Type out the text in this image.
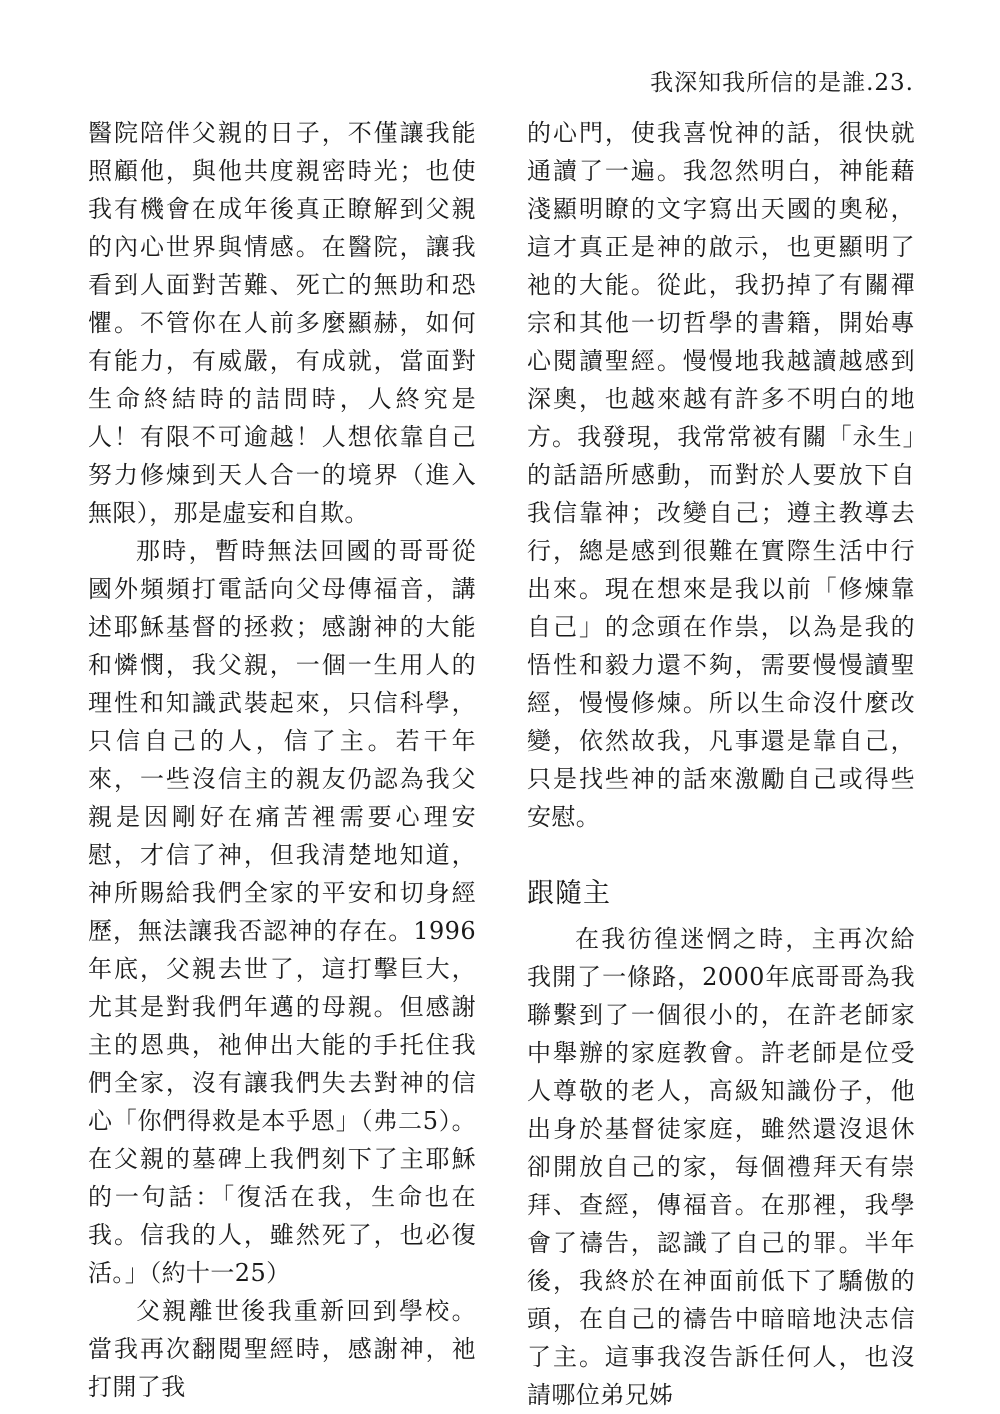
我深知我所信的是誰.23.

醫院陪伴父親的日子，不僅讓我能照顧他，與他共度親密時光；也使我有機會在成年後真正瞭解到父親的內心世界與情感。在醫院，讓我看到人面對苦難、死亡的無助和恐懼。不管你在人前多麼顯赫，如何有能力，有威嚴，有成就，當面對生命終結時的詰問時，人終究是人！有限不可逾越！人想依靠自己努力修煉到天人合一的境界（進入無限），那是虛妄和自欺。

那時，暫時無法回國的哥哥從國外頻頻打電話向父母傳福音，講述耶穌基督的拯救；感謝神的大能和憐憫，我父親，一個一生用人的理性和知識武裝起來，只信科學，只信自己的人，信了主。若干年來，一些沒信主的親友仍認為我父親是因剛好在痛苦裡需要心理安慰，才信了神，但我清楚地知道，神所賜給我們全家的平安和切身經歷，無法讓我否認神的存在。1996年底，父親去世了，這打擊巨大，尤其是對我們年邁的母親。但感謝主的恩典，祂伸出大能的手托住我們全家，沒有讓我們失去對神的信心「你們得救是本乎恩」（弗二5）。在父親的墓碑上我們刻下了主耶穌的一句話：「復活在我，生命也在我。信我的人，雖然死了，也必復活。」（約十一25）

父親離世後我重新回到學校。當我再次翻閱聖經時，感謝神，祂打開了我

的心門，使我喜悅神的話，很快就通讀了一遍。我忽然明白，神能藉淺顯明瞭的文字寫出天國的奧秘，這才真正是神的啟示，也更顯明了祂的大能。從此，我扔掉了有關禪宗和其他一切哲學的書籍，開始專心閱讀聖經。慢慢地我越讀越感到深奧，也越來越有許多不明白的地方。我發現，我常常被有關「永生」的話語所感動，而對於人要放下自我信靠神；改變自己；遵主教導去行，總是感到很難在實際生活中行出來。現在想來是我以前「修煉靠自己」的念頭在作祟，以為是我的悟性和毅力還不夠，需要慢慢讀聖經，慢慢修煉。所以生命沒什麼改變，依然故我，凡事還是靠自己，只是找些神的話來激勵自己或得些安慰。

跟隨主

在我彷徨迷惘之時，主再次給我開了一條路，2000年底哥哥為我聯繫到了一個很小的，在許老師家中舉辦的家庭教會。許老師是位受人尊敬的老人，高級知識份子，他出身於基督徒家庭，雖然還沒退休卻開放自己的家，每個禮拜天有崇拜、查經，傳福音。在那裡，我學會了禱告，認識了自己的罪。半年後，我終於在神面前低下了驕傲的頭，在自己的禱告中暗暗地決志信了主。這事我沒告訴任何人，也沒請哪位弟兄姊
